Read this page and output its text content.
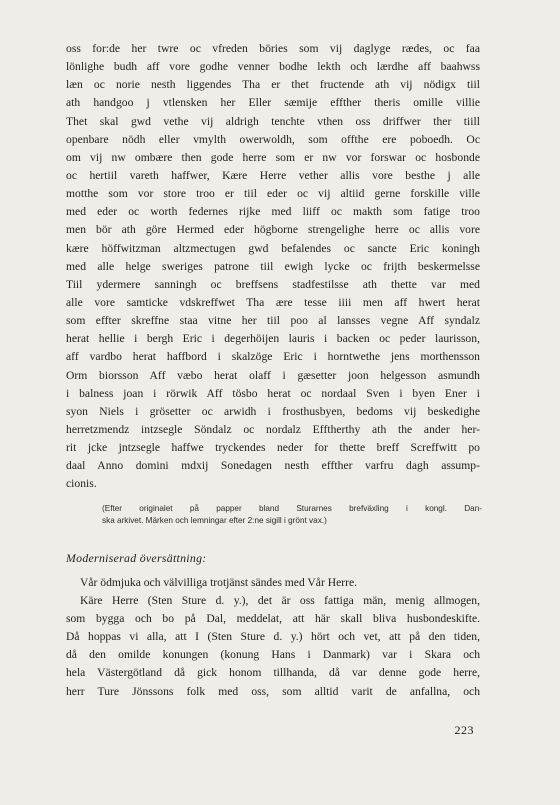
oss for:de her twre oc vfreden böries som vij daglyge rædes, oc faa
lönlighe budh aff vore godhe venner bodhe lekth och lærdhe aff baahwss
læn oc norie nesth liggendes Tha er thet fructende ath vij nödigx tiil
ath handgoo j vtlensken her Eller sæmije effther theris omille villie
Thet skal gwd vethe vij aldrigh tenchte vthen oss driffwer ther tiill
openbare nödh eller vmylth owerwoldh, som offthe ere poboedh. Oc
om vij nw ombære then gode herre som er nw vor forswar oc hosbonde
oc hertiil vareth haffwer, Kære Herre vether allis vore besthe j alle
motthe som vor store troo er tiil eder oc vij altiid gerne forskille ville
med eder oc worth federnes rijke med liiff oc makth som fatige troo
men bör ath göre Hermed eder högborne strengelighe herre oc allis vore
kære höffwitzman altzmectugen gwd befalendes oc sancte Eric koningh
med alle helge sweriges patrone tiil ewigh lycke oc frijth beskermelsse
Tiil ydermere sanningh oc breffsens stadfestilsse ath thette var med
alle vore samticke vdskreffwet Tha ære tesse iiii men aff hwert herat
som effter skreffne staa vitne her tiil poo al lansses vegne Aff syndalz
herat hellie i bergh Eric i degerhöijen lauris i backen oc peder laurisson,
aff vardbo herat haffbord i skalzöge Eric i horntwethe jens morthensson
Orm biorsson Aff væbo herat olaff i gæsetter joon helgesson asmundh
i balness joan i rörwik Aff tösbo herat oc nordaal Sven i byen Ener i
syon Niels i grösetter oc arwidh i frosthusbyen, bedoms vij beskedighe
herretzmendz intzsegle Söndalz oc nordalz Efftherthy ath the ander her-
rit jcke jntzsegle haffwe tryckendes neder for thette breff Screffwitt po
daal Anno domini mdxij Sonedagen nesth effther varfru dagh assump-
cionis.
(Efter originalet på papper bland Sturarnes brefväxling i kongl. Dan-
ska arkivet. Märken och lemningar efter 2:ne sigill i grönt vax.)
Moderniserad översättning:
Vår ödmjuka och välvilliga trotjänst sändes med Vår Herre.
Käre Herre (Sten Sture d. y.), det är oss fattiga män, menig allmogen,
som bygga och bo på Dal, meddelat, att här skall bliva husbondeskifte.
Då hoppas vi alla, att I (Sten Sture d. y.) hört och vet, att på den tiden,
då den omilde konungen (konung Hans i Danmark) var i Skara och
hela Västergötland då gick honom tillhanda, då var denne gode herre,
herr Ture Jönssons folk med oss, som alltid varit de anfallna, och
223
